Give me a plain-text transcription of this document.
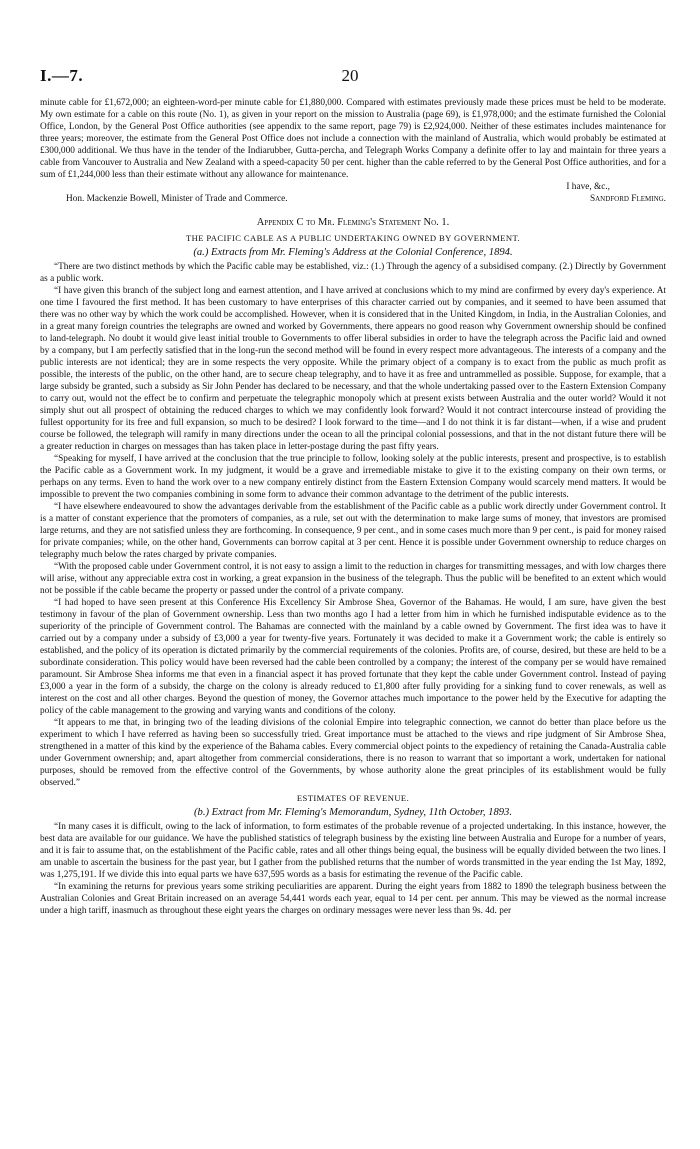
I.—7.	20

minute cable for £1,672,000; an eighteen-word-per minute cable for £1,880,000. Compared with estimates previously made these prices must be held to be moderate. My own estimate for a cable on this route (No. 1), as given in your report on the mission to Australia (page 69), is £1,978,000; and the estimate furnished the Colonial Office, London, by the General Post Office authorities (see appendix to the same report, page 79) is £2,924,000. Neither of these estimates includes maintenance for three years; moreover, the estimate from the General Post Office does not include a connection with the mainland of Australia, which would probably be estimated at £300,000 additional. We thus have in the tender of the Indiarubber, Gutta-percha, and Telegraph Works Company a definite offer to lay and maintain for three years a cable from Vancouver to Australia and New Zealand with a speed-capacity 50 per cent. higher than the cable referred to by the General Post Office authorities, and for a sum of £1,244,000 less than their estimate without any allowance for maintenance.

I have, &c.,

Hon. Mackenzie Bowell, Minister of Trade and Commerce.	Sandford Fleming.

Appendix C to Mr. Fleming's Statement No. 1.

THE PACIFIC CABLE AS A PUBLIC UNDERTAKING OWNED BY GOVERNMENT.

(a.) Extracts from Mr. Fleming's Address at the Colonial Conference, 1894.

“There are two distinct methods by which the Pacific cable may be established, viz.: (1.) Through the agency of a subsidised company. (2.) Directly by Government as a public work.

“I have given this branch of the subject long and earnest attention, and I have arrived at conclusions which to my mind are confirmed by every day's experience. At one time I favoured the first method. It has been customary to have enterprises of this character carried out by companies, and it seemed to have been assumed that there was no other way by which the work could be accomplished. However, when it is considered that in the United Kingdom, in India, in the Australian Colonies, and in a great many foreign countries the telegraphs are owned and worked by Governments, there appears no good reason why Government ownership should be confined to land-telegraph. No doubt it would give least initial trouble to Governments to offer liberal subsidies in order to have the telegraph across the Pacific laid and owned by a company, but I am perfectly satisfied that in the long-run the second method will be found in every respect more advantageous. The interests of a company and the public interests are not identical; they are in some respects the very opposite. While the primary object of a company is to exact from the public as much profit as possible, the interests of the public, on the other hand, are to secure cheap telegraphy, and to have it as free and untrammelled as possible. Suppose, for example, that a large subsidy be granted, such a subsidy as Sir John Pender has declared to be necessary, and that the whole undertaking passed over to the Eastern Extension Company to carry out, would not the effect be to confirm and perpetuate the telegraphic monopoly which at present exists between Australia and the outer world? Would it not simply shut out all prospect of obtaining the reduced charges to which we may confidently look forward? Would it not contract intercourse instead of providing the fullest opportunity for its free and full expansion, so much to be desired? I look forward to the time—and I do not think it is far distant—when, if a wise and prudent course be followed, the telegraph will ramify in many directions under the ocean to all the principal colonial possessions, and that in the not distant future there will be a greater reduction in charges on messages than has taken place in letter-postage during the past fifty years.

“Speaking for myself, I have arrived at the conclusion that the true principle to follow, looking solely at the public interests, present and prospective, is to establish the Pacific cable as a Government work. In my judgment, it would be a grave and irremediable mistake to give it to the existing company on their own terms, or perhaps on any terms. Even to hand the work over to a new company entirely distinct from the Eastern Extension Company would scarcely mend matters. It would be impossible to prevent the two companies combining in some form to advance their common advantage to the detriment of the public interests.

“I have elsewhere endeavoured to show the advantages derivable from the establishment of the Pacific cable as a public work directly under Government control. It is a matter of constant experience that the promoters of companies, as a rule, set out with the determination to make large sums of money, that investors are promised large returns, and they are not satisfied unless they are forthcoming. In consequence, 9 per cent., and in some cases much more than 9 per cent., is paid for money raised for private companies; while, on the other hand, Governments can borrow capital at 3 per cent. Hence it is possible under Government ownership to reduce charges on telegraphy much below the rates charged by private companies.

“With the proposed cable under Government control, it is not easy to assign a limit to the reduction in charges for transmitting messages, and with low charges there will arise, without any appreciable extra cost in working, a great expansion in the business of the telegraph. Thus the public will be benefited to an extent which would not be possible if the cable became the property or passed under the control of a private company.

“I had hoped to have seen present at this Conference His Excellency Sir Ambrose Shea, Governor of the Bahamas. He would, I am sure, have given the best testimony in favour of the plan of Government ownership. Less than two months ago I had a letter from him in which he furnished indisputable evidence as to the superiority of the principle of Government control. The Bahamas are connected with the mainland by a cable owned by Government. The first idea was to have it carried out by a company under a subsidy of £3,000 a year for twenty-five years. Fortunately it was decided to make it a Government work; the cable is entirely so established, and the policy of its operation is dictated primarily by the commercial requirements of the colonies. Profits are, of course, desired, but these are held to be a subordinate consideration. This policy would have been reversed had the cable been controlled by a company; the interest of the company per se would have remained paramount. Sir Ambrose Shea informs me that even in a financial aspect it has proved fortunate that they kept the cable under Government control. Instead of paying £3,000 a year in the form of a subsidy, the charge on the colony is already reduced to £1,800 after fully providing for a sinking fund to cover renewals, as well as interest on the cost and all other charges. Beyond the question of money, the Governor attaches much importance to the power held by the Executive for adapting the policy of the cable management to the growing and varying wants and conditions of the colony.

“It appears to me that, in bringing two of the leading divisions of the colonial Empire into telegraphic connection, we cannot do better than place before us the experiment to which I have referred as having been so successfully tried. Great importance must be attached to the views and ripe judgment of Sir Ambrose Shea, strengthened in a matter of this kind by the experience of the Bahama cables. Every commercial object points to the expediency of retaining the Canada-Australia cable under Government ownership; and, apart altogether from commercial considerations, there is no reason to warrant that so important a work, undertaken for national purposes, should be removed from the effective control of the Governments, by whose authority alone the great principles of its establishment would be fully observed.”

ESTIMATES OF REVENUE.

(b.) Extract from Mr. Fleming's Memorandum, Sydney, 11th October, 1893.

“In many cases it is difficult, owing to the lack of information, to form estimates of the probable revenue of a projected undertaking. In this instance, however, the best data are available for our guidance. We have the published statistics of telegraph business by the existing line between Australia and Europe for a number of years, and it is fair to assume that, on the establishment of the Pacific cable, rates and all other things being equal, the business will be equally divided between the two lines. I am unable to ascertain the business for the past year, but I gather from the published returns that the number of words transmitted in the year ending the 1st May, 1892, was 1,275,191. If we divide this into equal parts we have 637,595 words as a basis for estimating the revenue of the Pacific cable.

“In examining the returns for previous years some striking peculiarities are apparent. During the eight years from 1882 to 1890 the telegraph business between the Australian Colonies and Great Britain increased on an average 54,441 words each year, equal to 14 per cent. per annum. This may be viewed as the normal increase under a high tariff, inasmuch as throughout these eight years the charges on ordinary messages were never less than 9s. 4d. per
